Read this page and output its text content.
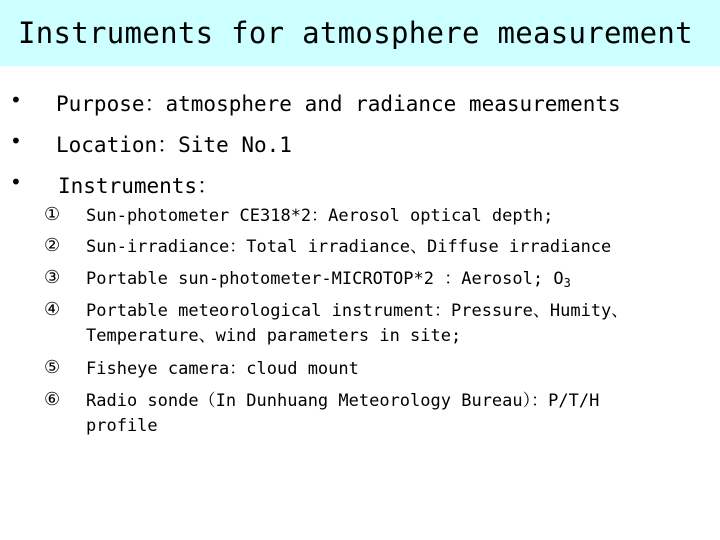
Instruments for atmosphere measurement
• Purpose：atmosphere and radiance measurements
• Location：Site No.1
• Instruments：
① Sun-photometer CE318*2：Aerosol optical depth;
② Sun-irradiance：Total irradiance、Diffuse irradiance
③ Portable sun-photometer-MICROTOP*2 ：Aerosol; $O_3$
④ Portable meteorological instrument：Pressure、Humity、
Temperature、wind parameters in site;
⑤ Fisheye camera：cloud mount
⑥ Radio sonde（In Dunhuang Meteorology Bureau）：P/T/H
profile
